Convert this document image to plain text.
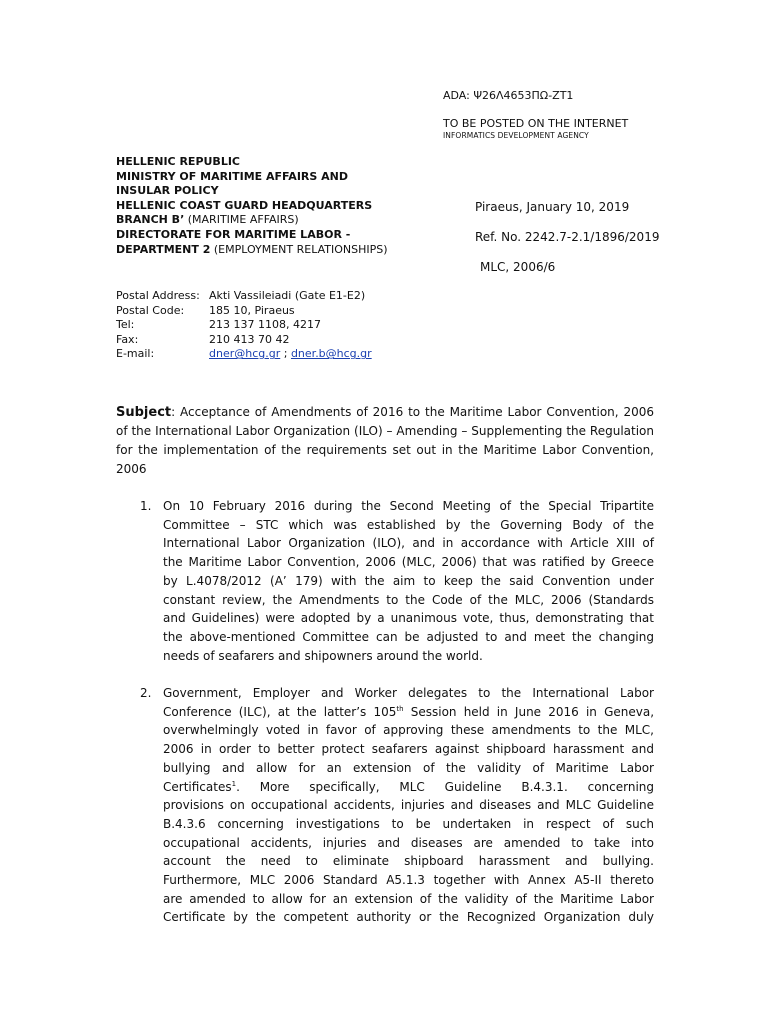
ADA: Ψ26Λ4653ΠΩ-ΖΤ1
TO BE POSTED ON THE INTERNET
INFORMATICS DEVELOPMENT AGENCY
HELLENIC REPUBLIC
MINISTRY OF MARITIME AFFAIRS AND
INSULAR POLICY
HELLENIC COAST GUARD HEADQUARTERS
BRANCH B’ (MARITIME AFFAIRS)
DIRECTORATE FOR MARITIME LABOR -
DEPARTMENT 2 (EMPLOYMENT RELATIONSHIPS)
Piraeus, January 10, 2019
Ref. No. 2242.7-2.1/1896/2019
MLC, 2006/6
Postal Address: Akti Vassileiadi (Gate E1-E2)
Postal Code:	185 10, Piraeus
Tel:	213 137 1108, 4217
Fax:	210 413 70 42
E-mail:	dner@hcg.gr ; dner.b@hcg.gr
Subject: Acceptance of Amendments of 2016 to the Maritime Labor Convention, 2006 of the International Labor Organization (ILO) – Amending – Supplementing the Regulation for the implementation of the requirements set out in the Maritime Labor Convention, 2006
1. On 10 February 2016 during the Second Meeting of the Special Tripartite
Committee – STC which was established by the Governing Body of the
International Labor Organization (ILO), and in accordance with Article XIII of
the Maritime Labor Convention, 2006 (MLC, 2006) that was ratified by Greece
by L.4078/2012 (A’ 179) with the aim to keep the said Convention under
constant review, the Amendments to the Code of the MLC, 2006 (Standards
and Guidelines) were adopted by a unanimous vote, thus, demonstrating that
the above-mentioned Committee can be adjusted to and meet the changing
needs of seafarers and shipowners around the world.
2. Government, Employer and Worker delegates to the International Labor
Conference (ILC), at the latter’s 105th Session held in June 2016 in Geneva,
overwhelmingly voted in favor of approving these amendments to the MLC,
2006 in order to better protect seafarers against shipboard harassment and
bullying and allow for an extension of the validity of Maritime Labor
Certificates$^1$. More specifically, MLC Guideline B.4.3.1. concerning
provisions on occupational accidents, injuries and diseases and MLC Guideline
B.4.3.6 concerning investigations to be undertaken in respect of such
occupational accidents, injuries and diseases are amended to take into
account the need to eliminate shipboard harassment and bullying.
Furthermore, MLC 2006 Standard A5.1.3 together with Annex A5-II thereto
are amended to allow for an extension of the validity of the Maritime Labor
Certificate by the competent authority or the Recognized Organization duly
